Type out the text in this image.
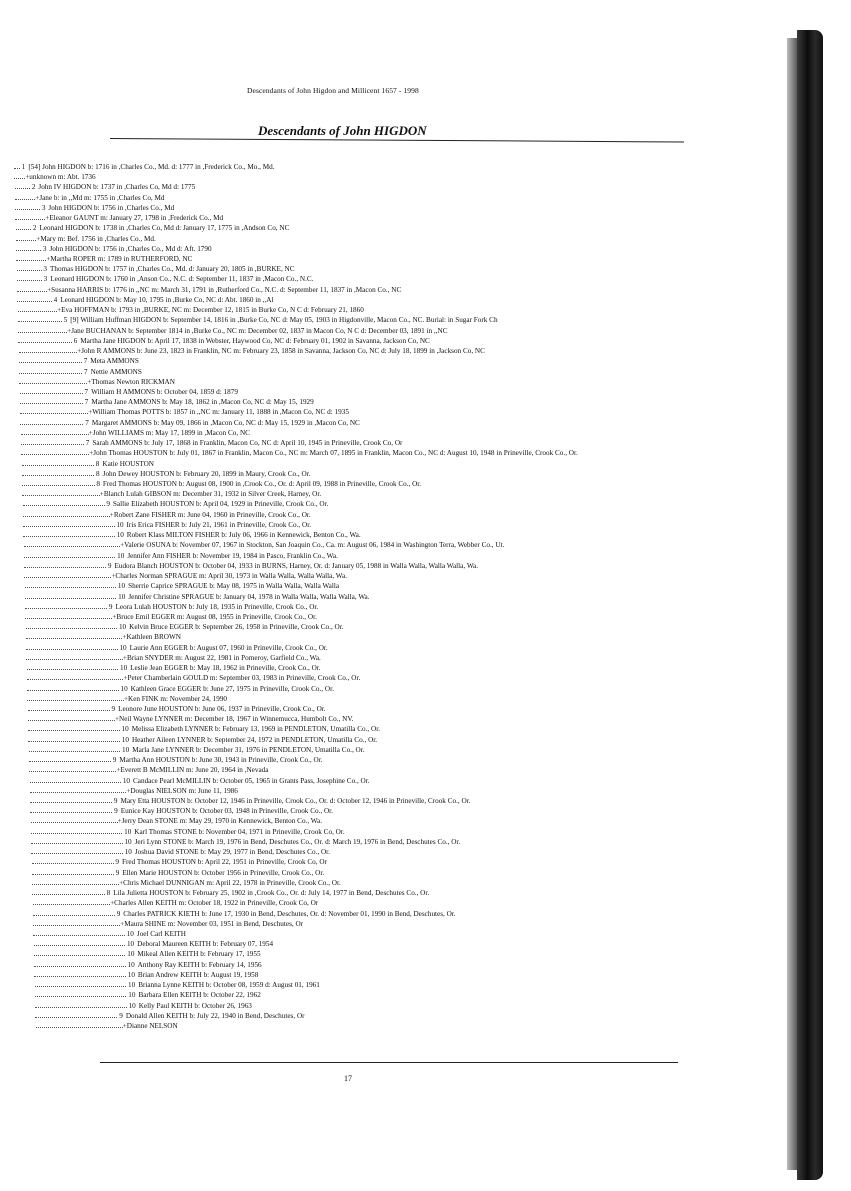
Descendants of John Higdon and Millicent 1657 - 1998
Descendants of John HIGDON
1 [54] John HIGDON b: 1716 in ,Charles Co., Md. d: 1777 in ,Frederick Co., Mo., Md.
+unknown m: Abt. 1736
2 John IV HIGDON b: 1737 in ,Charles Co, Md d: 1775
+Jane b: in ,,Md m: 1755 in ,Charles Co, Md
3 John HIGDON b: 1756 in ,Charles Co., Md
+Eleanor GAUNT m: January 27, 1798 in ,Frederick Co., Md
2 Leonard HIGDON b: 1738 in ,Charles Co, Md d: January 17, 1775 in ,Andson Co, NC
+Mary m: Bef. 1756 in ,Charles Co., Md.
3 John HIGDON b: 1756 in ,Charles Co., Md d: Aft. 1790
+Martha ROPER m: 1789 in RUTHERFORD, NC
3 Thomas HIGDON b: 1757 in ,Charles Co., Md. d: January 20, 1805 in ,BURKE, NC
3 Leonard HIGDON b: 1760 in ,Anson Co., N.C. d: September 11, 1837 in ,Macon Co., N.C.
+Susanna HARRIS b: 1776 in ,,NC m: March 31, 1791 in ,Rutherford Co., N.C. d: September 11, 1837 in ,Macon Co., NC
4 Leonard HIGDON b: May 10, 1795 in ,Burke Co, NC d: Abt. 1860 in ,,Al
+Eva HOFFMAN b: 1793 in ,BURKE, NC m: December 12, 1815 in Burke Co, N C d: February 21, 1860
5 [9] William Huffman HIGDON b: September 14, 1816 in ,Burke Co, NC d: May 05, 1903 in Higdonville, Macon Co., NC. Burial: in Sugar Fork Ch
+Jane BUCHANAN b: September 1814 in ,Burke Co., NC m: December 02, 1837 in Macon Co, N C d: December 03, 1891 in ,,NC
6 Martha Jane HIGDON b: April 17, 1838 in Webster, Haywood Co, NC d: February 01, 1902 in Savanna, Jackson Co, NC
+John R AMMONS b: June 23, 1823 in Franklin, NC m: February 23, 1858 in Savanna, Jackson Co, NC d: July 18, 1899 in ,Jackson Co, NC
7 Meta AMMONS
7 Nettie AMMONS
+Thomas Newton RICKMAN
7 William H AMMONS b: October 04, 1859 d: 1879
7 Martha Jane AMMONS b: May 18, 1862 in ,Macon Co, NC d: May 15, 1929
+William Thomas POTTS b: 1857 in ,,NC m: January 11, 1888 in ,Macon Co, NC d: 1935
7 Margaret AMMONS b: May 09, 1866 in ,Macon Co, NC d: May 15, 1929 in ,Macon Co, NC
+John WILLIAMS m: May 17, 1899 in ,Macon Co, NC
7 Sarah AMMONS b: July 17, 1868 in Franklin, Macon Co, NC d: April 10, 1945 in Prineville, Crook Co, Or
+John Thomas HOUSTON b: July 01, 1867 in Franklin, Macon Co., NC m: March 07, 1895 in Franklin, Macon Co., NC d: August 10, 1948 in Prineville, Crook Co., Or.
8 Katie HOUSTON
8 John Dewey HOUSTON b: February 20, 1899 in Maury, Crook Co., Or.
8 Fred Thomas HOUSTON b: August 08, 1900 in ,Crook Co., Or. d: April 09, 1988 in Prineville, Crook Co., Or.
+Blanch Lulah GIBSON m: December 31, 1932 in Silver Creek, Harney, Or.
9 Sallie Elizabeth HOUSTON b: April 04, 1929 in Prineville, Crook Co., Or.
+Robert Zane FISHER m: June 04, 1960 in Prineville, Crook Co., Or.
10 Iris Erica FISHER b: July 21, 1961 in Prineville, Crook Co., Or.
10 Robert Klass MILTON FISHER b: July 06, 1966 in Kennewick, Benton Co., Wa.
+Valerie OSUNA b: November 07, 1967 in Stockton, San Joaquin Co., Ca. m: August 06, 1984 in Washington Terra, Webber Co., Ut.
10 Jennifer Ann FISHER b: November 19, 1984 in Pasco, Franklin Co., Wa.
9 Eudora Blanch HOUSTON b: October 04, 1933 in BURNS, Harney, Or. d: January 05, 1988 in Walla Walla, Walla Walla, Wa.
+Charles Norman SPRAGUE m: April 30, 1973 in Walla Walla, Walla Walla, Wa.
10 Sherrie Caprice SPRAGUE b: May 08, 1975 in Walla Walla, Walla Walla
10 Jennifer Christine SPRAGUE b: January 04, 1978 in Walla Walla, Walla Walla, Wa.
9 Leora Lulah HOUSTON b: July 18, 1935 in Prineville, Crook Co., Or.
+Bruce Emil EGGER m: August 08, 1955 in Prineville, Crook Co., Or.
10 Kelvin Bruce EGGER b: September 26, 1958 in Prineville, Crook Co., Or.
+Kathleen BROWN
10 Laurie Ann EGGER b: August 07, 1960 in Prineville, Crook Co., Or.
+Brian SNYDER m: August 22, 1981 in Pomeroy, Garfield Co., Wa.
10 Leslie Jean EGGER b: May 18, 1962 in Prineville, Crook Co., Or.
+Peter Chamberlain GOULD m: September 03, 1983 in Prineville, Crook Co., Or.
10 Kathleen Grace EGGER b: June 27, 1975 in Prineville, Crook Co., Or.
+Ken FINK m: November 24, 1990
9 Leonore June HOUSTON b: June 06, 1937 in Prineville, Crook Co., Or.
+Neil Wayne LYNNER m: December 18, 1967 in Winnemucca, Humbolt Co., NV.
10 Melissa Elizabeth LYNNER b: February 13, 1969 in PENDLETON, Umatilla Co., Or.
10 Heather Aileen LYNNER b: September 24, 1972 in PENDLETON, Umatilla Co., Or.
10 Marla Jane LYNNER b: December 31, 1976 in PENDLETON, Umatilla Co., Or.
9 Martha Ann HOUSTON b: June 30, 1943 in Prineville, Crook Co., Or.
+Everett B McMILLIN m: June 20, 1964 in ,Nevada
10 Candace Pearl McMILLIN b: October 05, 1965 in Grants Pass, Josephine Co., Or.
+Douglas NIELSON m: June 11, 1986
9 Mary Etta HOUSTON b: October 12, 1946 in Prineville, Crook Co., Or. d: October 12, 1946 in Prineville, Crook Co., Or.
9 Eunice Kay HOUSTON b: October 03, 1948 in Prineville, Crook Co., Or.
+Jerry Dean STONE m: May 29, 1970 in Kennewick, Benton Co., Wa.
10 Karl Thomas STONE b: November 04, 1971 in Prineville, Crook Co, Or.
10 Jeri Lynn STONE b: March 19, 1976 in Bend, Deschutes Co., Or. d: March 19, 1976 in Bend, Deschutes Co., Or.
10 Joshua David STONE b: May 29, 1977 in Bend, Deschutes Co., Or.
9 Fred Thomas HOUSTON b: April 22, 1951 in Prineville, Crook Co, Or
9 Ellen Marie HOUSTON b: October 1956 in Prineville, Crook Co., Or.
+Chris Michael DUNNIGAN m: April 22, 1978 in Prineville, Crook Co., Or.
8 Lila Julietta HOUSTON b: February 25, 1902 in ,Crook Co., Or. d: July 14, 1977 in Bend, Deschutes Co., Or.
+Charles Allen KEITH m: October 18, 1922 in Prineville, Crook Co, Or
9 Charles PATRICK KIETH b: June 17, 1930 in Bend, Deschutes, Or. d: November 01, 1990 in Bend, Deschutes, Or.
+Maura SHINE m: November 03, 1951 in Bend, Deschutes, Or
10 Joel Carl KEITH
10 Deboral Maureen KEITH b: February 07, 1954
10 Mikeal Allen KEITH b: February 17, 1955
10 Anthony Ray KEITH b: February 14, 1956
10 Brian Andrew KEITH b: August 19, 1958
10 Brianna Lynne KEITH b: October 08, 1959 d: August 01, 1961
10 Barbara Ellen KEITH b: October 22, 1962
10 Kelly Paul KEITH b: October 26, 1963
9 Donald Allen KEITH b: July 22, 1940 in Bend, Deschutes, Or
+Dianne NELSON
17
